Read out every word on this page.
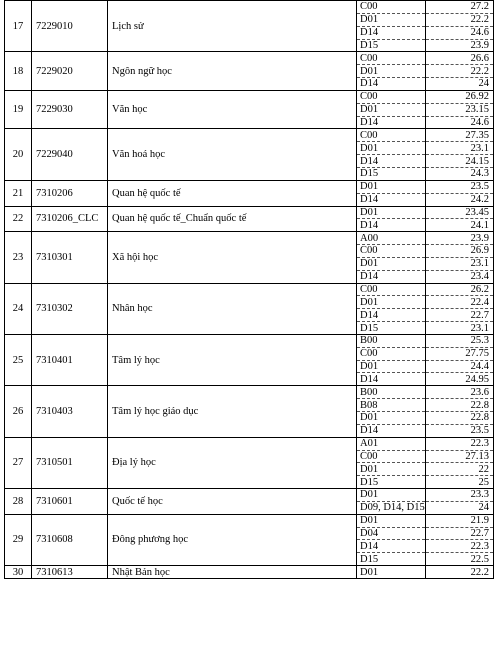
17	7229010	Lịch sử	C00	27.2
			D01	22.2
			D14	24.6
			D15	23.9
18	7229020	Ngôn ngữ học	C00	26.6
			D01	22.2
			D14	24
19	7229030	Văn học	C00	26.92
			D01	23.15
			D14	24.6
20	7229040	Văn hoá học	C00	27.35
			D01	23.1
			D14	24.15
			D15	24.3
21	7310206	Quan hệ quốc tế	D01	23.5
			D14	24.2
22	7310206_CLC	Quan hệ quốc tế_Chuẩn quốc tế	D01	23.45
			D14	24.1
23	7310301	Xã hội học	A00	23.9
			C00	26.9
			D01	23.1
			D14	23.4
24	7310302	Nhân học	C00	26.2
			D01	22.4
			D14	22.7
			D15	23.1
25	7310401	Tâm lý học	B00	25.3
			C00	27.75
			D01	24.4
			D14	24.95
26	7310403	Tâm lý học giáo dục	B00	23.6
			B08	22.8
			D01	22.8
			D14	23.5
27	7310501	Địa lý học	A01	22.3
			C00	27.13
			D01	22
			D15	25
28	7310601	Quốc tế học	D01	23.3
			D09, D14, D15	24
29	7310608	Đông phương học	D01	21.9
			D04	22.7
			D14	22.3
			D15	22.5
30	7310613	Nhật Bản học	D01	22.2
